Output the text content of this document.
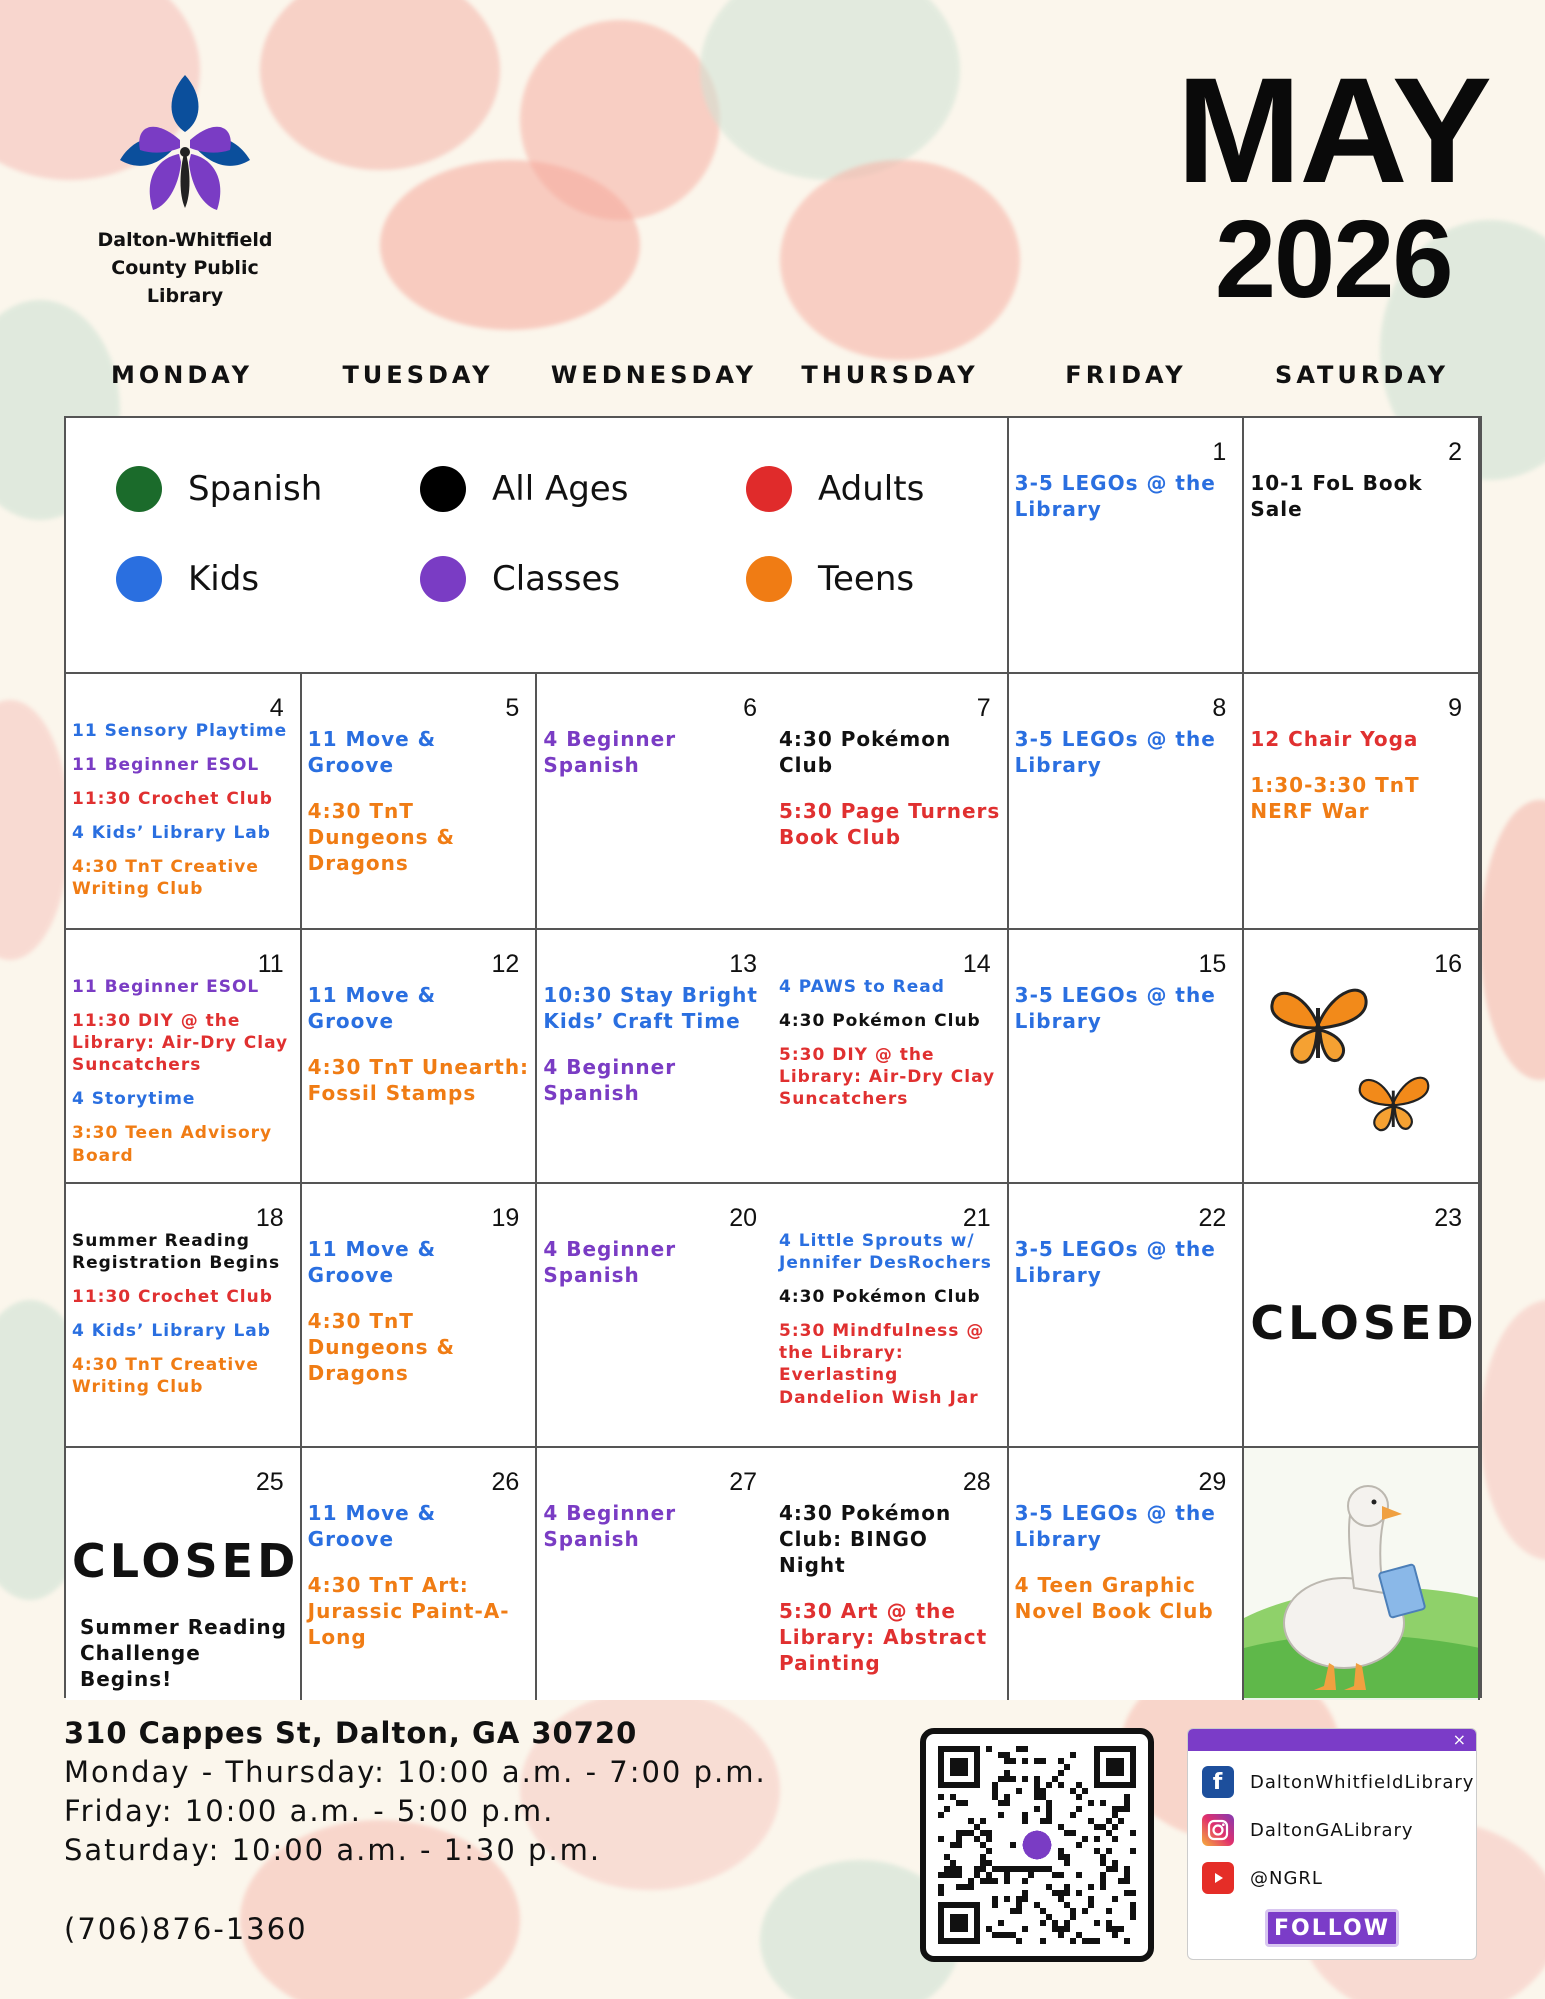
Dalton-Whitfield
County Public Library
MAY
2026
MONDAY	TUESDAY	WEDNESDAY	THURSDAY	FRIDAY	SATURDAY
Spanish	All Ages	Adults
Kids	Classes	Teens
1
3-5 LEGOs @ the Library
2
10-1 FoL Book Sale
4
11 Sensory Playtime
11 Beginner ESOL
11:30 Crochet Club
4 Kids’ Library Lab
4:30 TnT Creative Writing Club
5
11 Move & Groove
4:30 TnT Dungeons & Dragons
6
4 Beginner Spanish
7
4:30 Pokémon Club
5:30 Page Turners Book Club
8
3-5 LEGOs @ the Library
9
12 Chair Yoga
1:30-3:30 TnT NERF War
11
11 Beginner ESOL
11:30 DIY @ the Library: Air-Dry Clay Suncatchers
4 Storytime
3:30 Teen Advisory Board
12
11 Move & Groove
4:30 TnT Unearth: Fossil Stamps
13
10:30 Stay Bright Kids’ Craft Time
4 Beginner Spanish
14
4 PAWS to Read
4:30 Pokémon Club
5:30 DIY @ the Library: Air-Dry Clay Suncatchers
15
3-5 LEGOs @ the Library
16
18
Summer Reading Registration Begins
11:30 Crochet Club
4 Kids’ Library Lab
4:30 TnT Creative Writing Club
19
11 Move & Groove
4:30 TnT Dungeons & Dragons
20
4 Beginner Spanish
21
4 Little Sprouts w/ Jennifer DesRochers
4:30 Pokémon Club
5:30 Mindfulness @ the Library: Everlasting Dandelion Wish Jar
22
3-5 LEGOs @ the Library
23
CLOSED
25
CLOSED
Summer Reading Challenge Begins!
26
11 Move & Groove
4:30 TnT Art: Jurassic Paint-A-Long
27
4 Beginner Spanish
28
4:30 Pokémon Club: BINGO Night
5:30 Art @ the Library: Abstract Painting
29
3-5 LEGOs @ the Library
4 Teen Graphic Novel Book Club
310 Cappes St, Dalton, GA 30720
Monday - Thursday: 10:00 a.m. - 7:00 p.m.
Friday: 10:00 a.m. - 5:00 p.m.
Saturday: 10:00 a.m. - 1:30 p.m.
(706)876-1360
×
f	DaltonWhitfieldLibrary
DaltonGALibrary
@NGRL
FOLLOW
